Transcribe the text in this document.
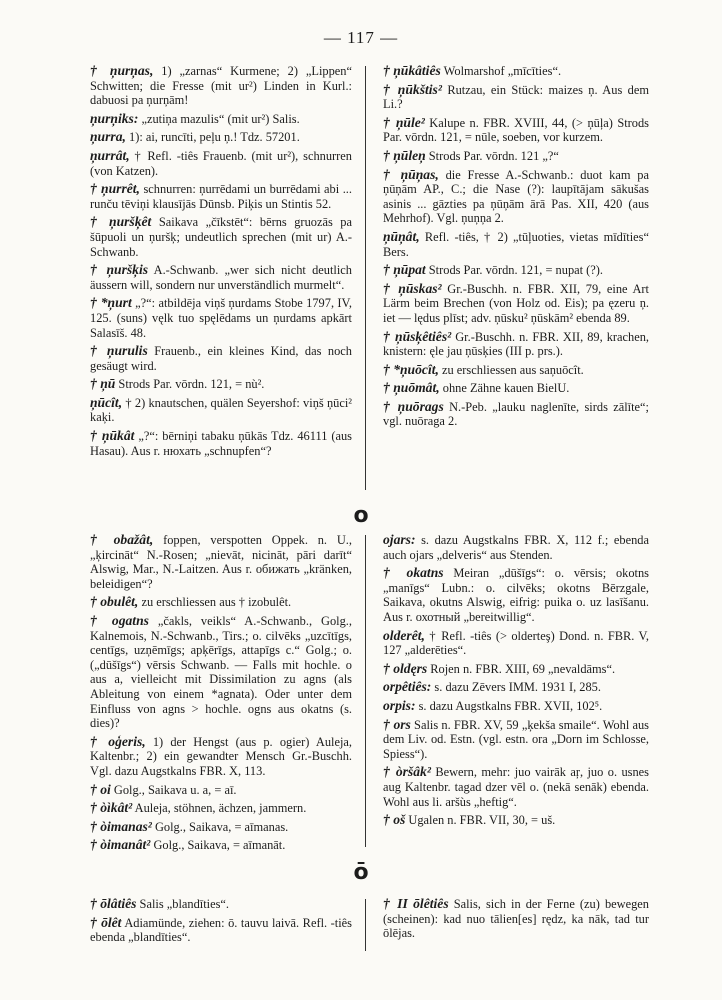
— 117 —
† ņurņas, 1) „zarnas“ Kurmene; 2) „Lippen“ Schwitten; die Fresse (mit ur²) Linden in Kurl.: dabuosi pa ņurņām!
ņurņiks: „zutiņa mazulis“ (mit ur²) Salis.
ņurra, 1): ai, runcīti, peļu ņ.! Tdz. 57201.
ņurrât, † Refl. -tiês Frauenb. (mit ur²), schnurren (von Katzen).
† ņurrêt, schnurren: ņurrēdami un burrēdami abi ... runču tēviņi klausījās Dūnsb. Piķis un Stintis 52.
† ņuršķêt Saikava „čīkstēt“: bērns gruozās pa šūpuoli un ņuršķ; undeutlich sprechen (mit ur) A.-Schwanb.
† ņuršķis A.-Schwanb. „wer sich nicht deutlich äussern will, sondern nur unverständlich murmelt“.
† *ņurt „?“: atbildēja viņš ņurdams Stobe 1797, IV, 125. (suns) vęlk tuo spęlēdams un ņurdams apkārt Salasīš. 48.
† ņurulis Frauenb., ein kleines Kind, das noch gesäugt wird.
† ņū Strods Par. vōrdn. 121, = nù².
ņūcît, † 2) knautschen, quälen Seyershof: viņš ņūci² kaķi.
† ņūkât „?“: bērniņi tabaku ņūkās Tdz. 46111 (aus Hasau). Aus r. нюхать „schnupfen“?
† ņūkâtiês Wolmarshof „mīcīties“.
† ņūkštis² Rutzau, ein Stück: maizes ņ. Aus dem Li.?
† ņūle² Kalupe n. FBR. XVIII, 44, (> ņūļa) Strods Par. vōrdn. 121, = nūle, soeben, vor kurzem.
† ņūleņ Strods Par. vōrdn. 121 „?“
† ņūņas, die Fresse A.-Schwanb.: duot kam pa ņūņām AP., C.; die Nase (?): laupītājam sākušas asinis ... gāzties pa ņūņām ārā Pas. XII, 420 (aus Mehrhof). Vgl. ņuņņa 2.
ņūņât, Refl. -tiês, † 2) „tūļuoties, vietas mīdīties“ Bers.
† ņūpat Strods Par. vōrdn. 121, = nupat (?).
† ņūskas² Gr.-Buschh. n. FBR. XII, 79, eine Art Lärm beim Brechen (von Holz od. Eis); pa ęzeru ņ. iet — lędus plīst; adv. ņūsku² ņūskām² ebenda 89.
† ņūsķêtiês² Gr.-Buschh. n. FBR. XII, 89, krachen, knistern: ęle jau ņūsķies (III p. prs.).
† *ņuōcît, zu erschliessen aus saņuōcît.
† ņuōmât, ohne Zähne kauen BielU.
† ņuōrags N.-Peb. „lauku naglenīte, sirds zālīte“; vgl. nuōraga 2.
o
† obažât, foppen, verspotten Oppek. n. U., „ķircināt“ N.-Rosen; „nievāt, nicināt, pāri darīt“ Alswig, Mar., N.-Laitzen. Aus r. обижать „kränken, beleidigen“?
† obulêt, zu erschliessen aus † izobulêt.
† ogatns „čakls, veikls“ A.-Schwanb., Golg., Kalnemois, N.-Schwanb., Tirs.; o. cilvēks „uzcītīgs, centīgs, uzņēmīgs; apķērīgs, attapīgs c.“ Golg.; o. („dūšīgs“) vērsis Schwanb. — Falls mit hochle. o aus a, vielleicht mit Dissimilation zu agns (als Ableitung von einem *agnata). Oder unter dem Einfluss von agns > hochle. ogns aus okatns (s. dies)?
† oģeris, 1) der Hengst (aus p. ogier) Auleja, Kaltenbr.; 2) ein gewandter Mensch Gr.-Buschh. Vgl. dazu Augstkalns FBR. X, 113.
† oi Golg., Saikava u. a, = aī.
† òìkât² Auleja, stöhnen, ächzen, jammern.
† òimanas² Golg., Saikava, = aīmanas.
† òimanât² Golg., Saikava, = aīmanāt.
ojars: s. dazu Augstkalns FBR. X, 112 f.; ebenda auch ojars „delveris“ aus Stenden.
† okatns Meiran „dūšīgs“: o. vērsis; okotns „manīgs“ Lubn.: o. cilvēks; okotns Bērzgale, Saikava, okutns Alswig, eifrig: puika o. uz lasīšanu. Aus r. охотный „bereitwillig“.
olderêt, † Refl. -tiês (> olderteş) Dond. n. FBR. V, 127 „alderēties“.
† oldęrs Rojen n. FBR. XIII, 69 „nevaldāms“.
orpêtiês: s. dazu Zēvers IMM. 1931 I, 285.
orpis: s. dazu Augstkalns FBR. XVII, 102⁵.
† ors Salis n. FBR. XV, 59 „ķekša smaile“. Wohl aus dem Liv. od. Estn. (vgl. estn. ora „Dorn im Schlosse, Spiess“).
† òršâk² Bewern, mehr: juo vairāk aŗ, juo o. usnes aug Kaltenbr. tagad dzer vēl o. (nekā senāk) ebenda. Wohl aus li. aršùs „heftig“.
† oš Ugalen n. FBR. VII, 30, = uš.
ō
† ōlâtiês Salis „blandīties“.
† ōlêt Adiamünde, ziehen: ō. tauvu laivā. Refl. -tiês ebenda „blandīties“.
† II ōlêtiês Salis, sich in der Ferne (zu) bewegen (scheinen): kad nuo tālien[es] rędz, ka nāk, tad tur ōlējas.
